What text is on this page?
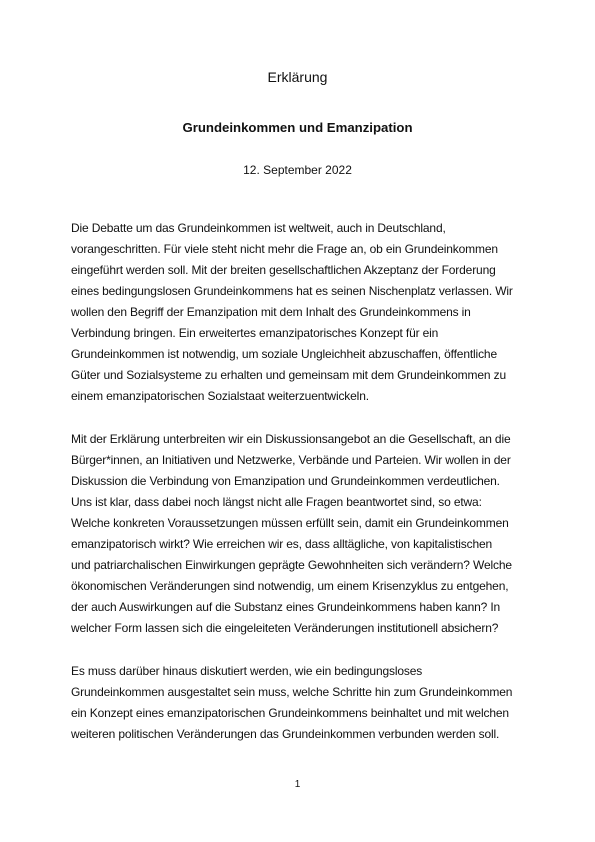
Erklärung
Grundeinkommen und Emanzipation
12. September 2022
Die Debatte um das Grundeinkommen ist weltweit, auch in Deutschland,
vorangeschritten. Für viele steht nicht mehr die Frage an, ob ein Grundeinkommen
eingeführt werden soll. Mit der breiten gesellschaftlichen Akzeptanz der Forderung
eines bedingungslosen Grundeinkommens hat es seinen Nischenplatz verlassen. Wir
wollen den Begriff der Emanzipation mit dem Inhalt des Grundeinkommens in
Verbindung bringen. Ein erweitertes emanzipatorisches Konzept für ein
Grundeinkommen ist notwendig, um soziale Ungleichheit abzuschaffen, öffentliche
Güter und Sozialsysteme zu erhalten und gemeinsam mit dem Grundeinkommen zu
einem emanzipatorischen Sozialstaat weiterzuentwickeln.
Mit der Erklärung unterbreiten wir ein Diskussionsangebot an die Gesellschaft, an die
Bürger*innen, an Initiativen und Netzwerke, Verbände und Parteien. Wir wollen in der
Diskussion die Verbindung von Emanzipation und Grundeinkommen verdeutlichen.
Uns ist klar, dass dabei noch längst nicht alle Fragen beantwortet sind, so etwa:
Welche konkreten Voraussetzungen müssen erfüllt sein, damit ein Grundeinkommen
emanzipatorisch wirkt? Wie erreichen wir es, dass alltägliche, von kapitalistischen
und patriarchalischen Einwirkungen geprägte Gewohnheiten sich verändern? Welche
ökonomischen Veränderungen sind notwendig, um einem Krisenzyklus zu entgehen,
der auch Auswirkungen auf die Substanz eines Grundeinkommens haben kann? In
welcher Form lassen sich die eingeleiteten Veränderungen institutionell absichern?
Es muss darüber hinaus diskutiert werden, wie ein bedingungsloses
Grundeinkommen ausgestaltet sein muss, welche Schritte hin zum Grundeinkommen
ein Konzept eines emanzipatorischen Grundeinkommens beinhaltet und mit welchen
weiteren politischen Veränderungen das Grundeinkommen verbunden werden soll.
1
